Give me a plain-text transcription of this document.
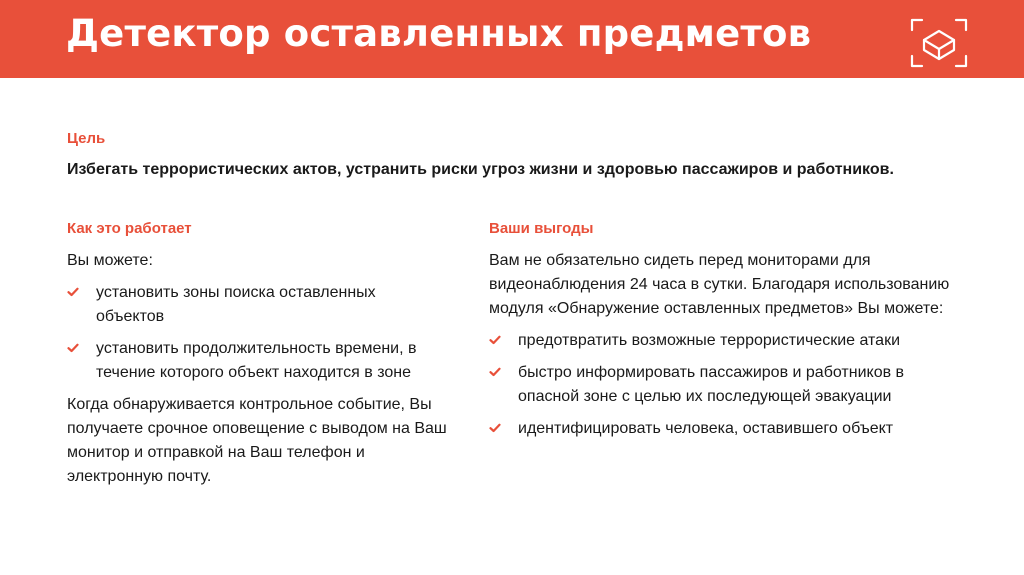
Детектор оставленных предметов
Цель
Избегать террористических актов, устранить риски угроз жизни и здоровью пассажиров и работников.
Как это работает
Вы можете:
установить зоны поиска оставленных объектов
установить продолжительность времени, в течение которого объект находится в зоне
Когда обнаруживается контрольное событие, Вы получаете срочное оповещение с выводом на Ваш монитор и отправкой на Ваш телефон и электронную почту.
Ваши выгоды
Вам не обязательно сидеть перед мониторами для видеонаблюдения 24 часа в сутки. Благодаря использованию модуля «Обнаружение оставленных предметов» Вы можете:
предотвратить возможные террористические атаки
быстро информировать пассажиров и работников в опасной зоне с целью их последующей эвакуации
идентифицировать человека, оставившего объект
